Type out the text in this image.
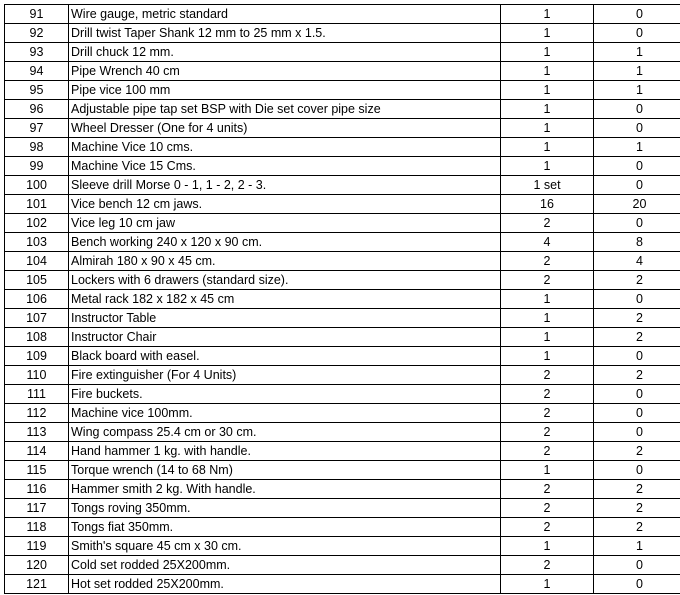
91	Wire gauge, metric standard	1	0
92	Drill twist Taper Shank 12 mm to 25 mm x 1.5.	1	0
93	Drill chuck 12 mm.	1	1
94	Pipe Wrench 40 cm	1	1
95	Pipe vice 100 mm	1	1
96	Adjustable pipe tap set BSP with Die set cover pipe size	1	0
97	Wheel Dresser (One for 4 units)	1	0
98	Machine Vice 10 cms.	1	1
99	Machine Vice 15 Cms.	1	0
100	Sleeve drill Morse 0 - 1, 1 - 2, 2 - 3.	1 set	0
101	Vice bench 12 cm jaws.	16	20
102	Vice leg 10 cm jaw	2	0
103	Bench working 240 x 120 x 90 cm.	4	8
104	Almirah 180 x 90 x 45 cm.	2	4
105	Lockers with 6 drawers (standard size).	2	2
106	Metal rack 182 x 182 x 45 cm	1	0
107	Instructor Table	1	2
108	Instructor Chair	1	2
109	Black board with easel.	1	0
110	Fire extinguisher (For 4 Units)	2	2
111	Fire buckets.	2	0
112	Machine vice 100mm.	2	0
113	Wing compass 25.4 cm or 30 cm.	2	0
114	Hand hammer 1 kg. with handle.	2	2
115	Torque wrench (14 to 68 Nm)	1	0
116	Hammer smith 2 kg. With handle.	2	2
117	Tongs roving 350mm.	2	2
118	Tongs fiat 350mm.	2	2
119	Smith's square 45 cm x 30 cm.	1	1
120	Cold set rodded 25X200mm.	2	0
121	Hot set rodded 25X200mm.	1	0
